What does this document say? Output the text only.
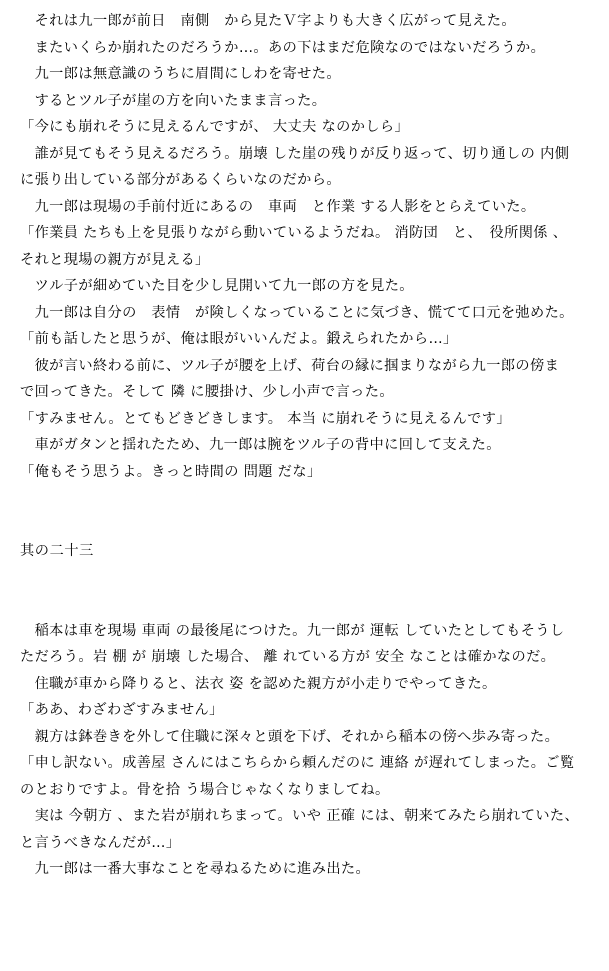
　それは九一郎が前日　南側　から見たＶ字よりも大きく広がって見えた。
　またいくらか崩れたのだろうか…。あの下はまだ危険なのではないだろうか。
　九一郎は無意識のうちに眉間にしわを寄せた。
　するとツル子が崖の方を向いたまま言った。
「今にも崩れそうに見えるんですが、 大丈夫 なのかしら」
　誰が見てもそう見えるだろう。崩壊 した崖の残りが反り返って、切り通しの 内側
に張り出している部分があるくらいなのだから。
　九一郎は現場の手前付近にあるの　車両　と作業 する人影をとらえていた。
「作業員 たちも上を見張りながら動いているようだね。 消防団　と、　役所関係 、
それと現場の親方が見える」
　ツル子が細めていた目を少し見開いて九一郎の方を見た。
　九一郎は自分の　表情　が険しくなっていることに気づき、慌てて口元を弛めた。
「前も話したと思うが、俺は眼がいいんだよ。鍛えられたから…」
　彼が言い終わる前に、ツル子が腰を上げ、荷台の縁に掴まりながら九一郎の傍ま
で回ってきた。そして 隣 に腰掛け、少し小声で言った。
「すみません。とてもどきどきします。 本当 に崩れそうに見えるんです」
　車がガタンと揺れたため、九一郎は腕をツル子の背中に回して支えた。
「俺もそう思うよ。きっと時間の 問題 だな」
其の二十三
　稲本は車を現場 車両 の最後尾につけた。九一郎が 運転 していたとしてもそうし
ただろう。岩 棚 が 崩壊 した場合、 離 れている方が 安全 なことは確かなのだ。
　住職が車から降りると、法衣 姿 を認めた親方が小走りでやってきた。
「ああ、わざわざすみません」
　親方は鉢巻きを外して住職に深々と頭を下げ、それから稲本の傍へ歩み寄った。
「申し訳ない。成善屋 さんにはこちらから頼んだのに 連絡 が遅れてしまった。ご覧
のとおりですよ。骨を拾 う場合じゃなくなりましてね。
　実は 今朝方 、また岩が崩れちまって。いや 正確 には、朝来てみたら崩れていた、
と言うべきなんだが…」
　九一郎は一番大事なことを尋ねるために進み出た。
